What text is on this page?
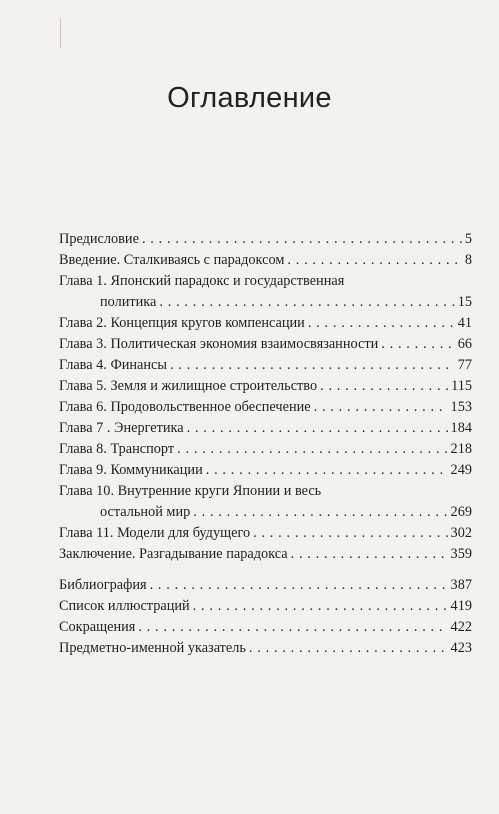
Оглавление
Предисловие . . .	5
Введение. Сталкиваясь с парадоксом . . .	8
Глава 1. Японский парадокс и государственная
политика . . .	15
Глава 2. Концепция кругов компенсации . . .	41
Глава 3. Политическая экономия взаимосвязанности . . .	66
Глава 4. Финансы . . .	77
Глава 5. Земля и жилищное строительство . . .	115
Глава 6. Продовольственное обеспечение . . .	153
Глава 7 . Энергетика . . .	184
Глава 8. Транспорт . . .	218
Глава 9. Коммуникации . . .	249
Глава 10. Внутренние круги Японии и весь
остальной мир . . .	269
Глава 11. Модели для будущего . . .	302
Заключение. Разгадывание парадокса . . .	359
Библиография . . .	387
Список иллюстраций . . .	419
Сокращения . . .	422
Предметно-именной указатель . . .	423
